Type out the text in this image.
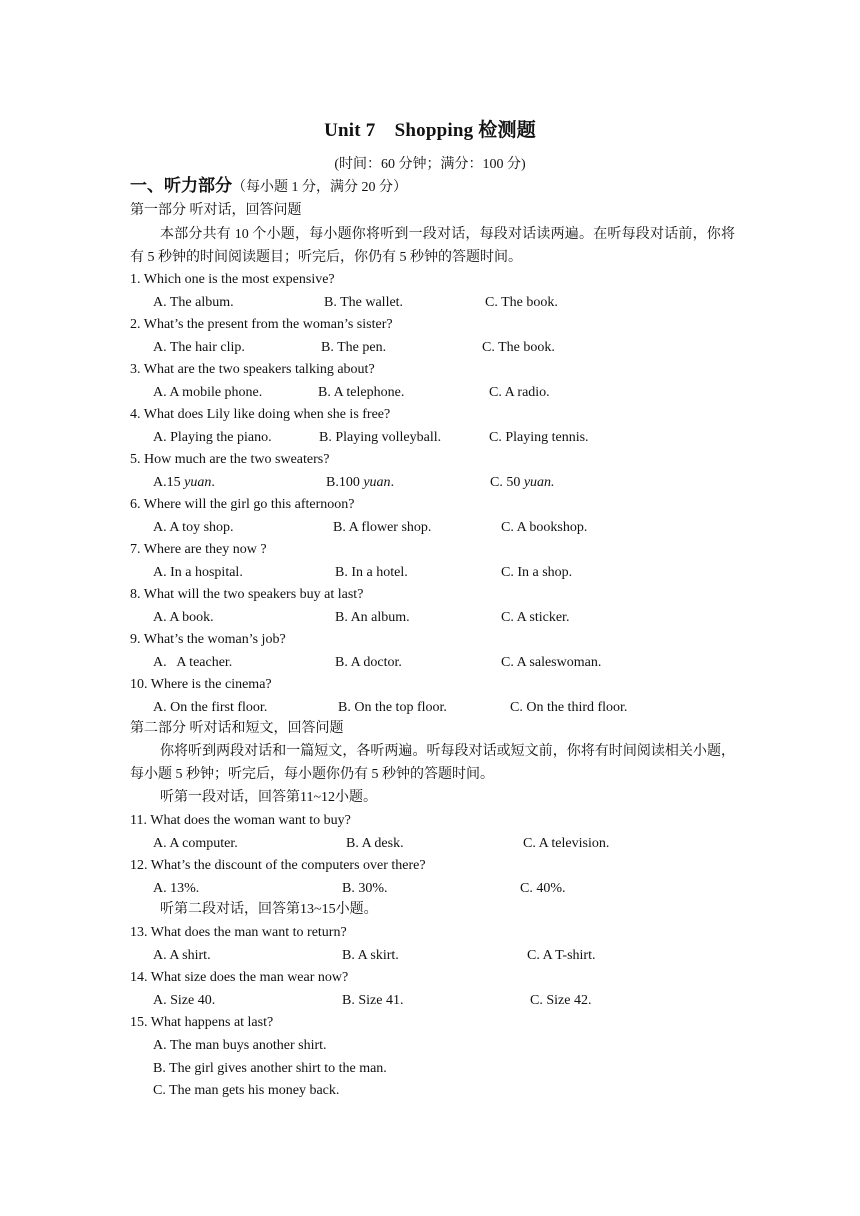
Unit 7　Shopping 检测题
(时间：60 分钟；满分：100 分)
一、听力部分（每小题 1 分，满分 20 分）
第一部分 听对话，回答问题
本部分共有 10 个小题，每小题你将听到一段对话，每段对话读两遍。在听每段对话前，你将有 5 秒钟的时间阅读题目；听完后，你仍有 5 秒钟的答题时间。
1. Which one is the most expensive?
A. The album.	B. The wallet.	C. The book.
2. What’s the present from the woman’s sister?
A. The hair clip.	B. The pen.	C. The book.
3. What are the two speakers talking about?
A. A mobile phone.	B. A telephone.	C. A radio.
4. What does Lily like doing when she is free?
A. Playing the piano.	B. Playing volleyball.	C. Playing tennis.
5. How much are the two sweaters?
A.15 yuan.	B.100 yuan.	C. 50 yuan.
6. Where will the girl go this afternoon?
A. A toy shop.	B. A flower shop.	C. A bookshop.
7. Where are they now ?
A. In a hospital.	B. In a hotel.	C. In a shop.
8. What will the two speakers buy at last?
A. A book.	B. An album.	C. A sticker.
9. What’s the woman’s job?
A.   A teacher.	B. A doctor.	C. A saleswoman.
10. Where is the cinema?
A. On the first floor.	B. On the top floor.	C. On the third floor.
第二部分 听对话和短文，回答问题
你将听到两段对话和一篇短文，各听两遍。听每段对话或短文前，你将有时间阅读相关小题，每小题 5 秒钟；听完后，每小题你仍有 5 秒钟的答题时间。
听第一段对话，回答第11~12小题。
11. What does the woman want to buy?
A. A computer.	B. A desk.	C. A television.
12. What’s the discount of the computers over there?
A. 13%.	B. 30%.	C. 40%.
听第二段对话，回答第13~15小题。
13. What does the man want to return?
A. A shirt.	B. A skirt.	C. A T-shirt.
14. What size does the man wear now?
A. Size 40.	B. Size 41.	C. Size 42.
15. What happens at last?
A. The man buys another shirt.
B. The girl gives another shirt to the man.
C. The man gets his money back.
